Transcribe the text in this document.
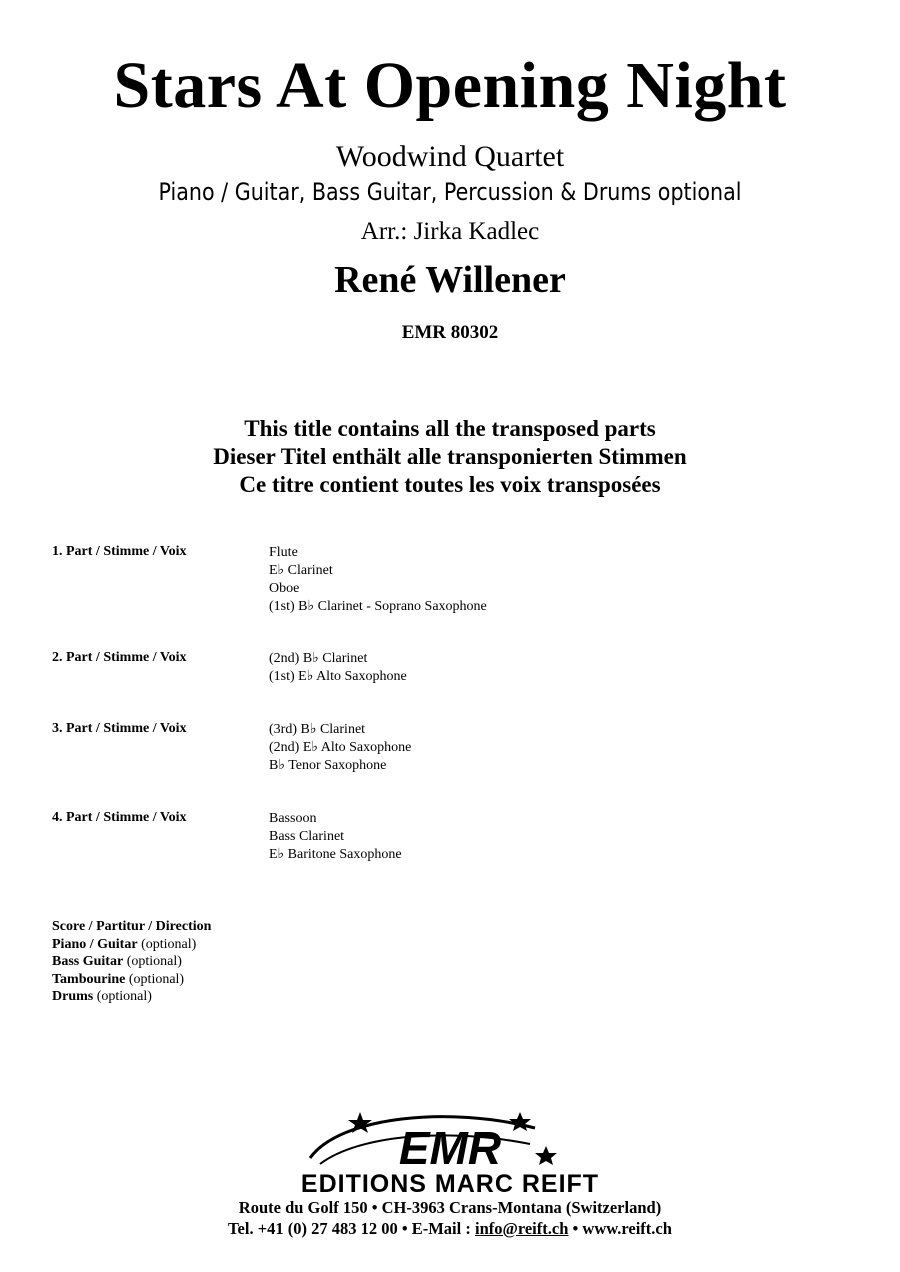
Stars At Opening Night
Woodwind Quartet
Piano / Guitar, Bass Guitar, Percussion & Drums optional
Arr.: Jirka Kadlec
René Willener
EMR 80302
This title contains all the transposed parts
Dieser Titel enthält alle transponierten Stimmen
Ce titre contient toutes les voix transposées
1. Part / Stimme / Voix	Flute
E♭ Clarinet
Oboe
(1st) B♭ Clarinet - Soprano Saxophone
2. Part / Stimme / Voix	(2nd) B♭ Clarinet
(1st) E♭ Alto Saxophone
3. Part / Stimme / Voix	(3rd) B♭ Clarinet
(2nd) E♭ Alto Saxophone
B♭ Tenor Saxophone
4. Part / Stimme / Voix	Bassoon
Bass Clarinet
E♭ Baritone Saxophone
Score / Partitur / Direction
Piano / Guitar (optional)
Bass Guitar (optional)
Tambourine (optional)
Drums (optional)
EMR
EDITIONS MARC REIFT
Route du Golf 150 • CH-3963 Crans-Montana (Switzerland)
Tel. +41 (0) 27 483 12 00 • E-Mail : info@reift.ch • www.reift.ch
